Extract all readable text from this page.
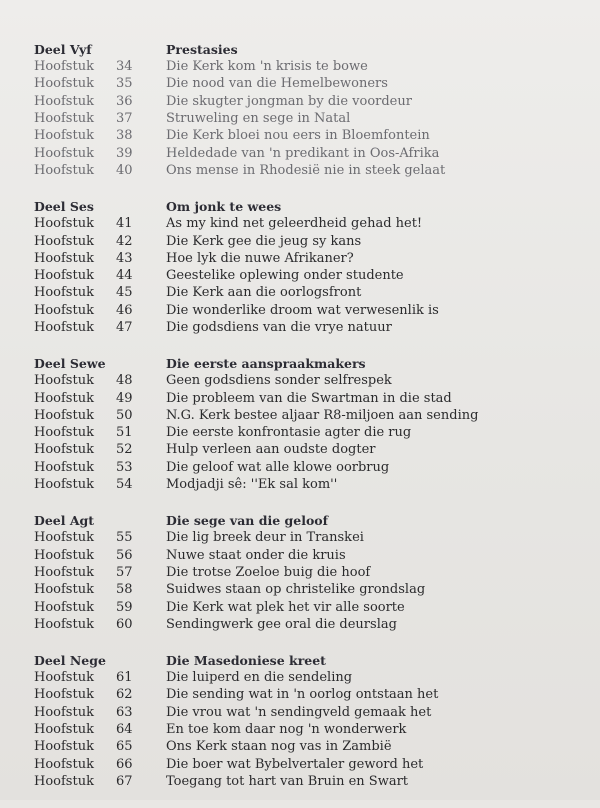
Deel Vyf	Prestasies
Hoofstuk	34	Die Kerk kom 'n krisis te bowe
Hoofstuk	35	Die nood van die Hemelbewoners
Hoofstuk	36	Die skugter jongman by die voordeur
Hoofstuk	37	Struweling en sege in Natal
Hoofstuk	38	Die Kerk bloei nou eers in Bloemfontein
Hoofstuk	39	Heldedade van 'n predikant in Oos-Afrika
Hoofstuk	40	Ons mense in Rhodesië nie in steek gelaat
Deel Ses	Om jonk te wees
Hoofstuk	41	As my kind net geleerdheid gehad het!
Hoofstuk	42	Die Kerk gee die jeug sy kans
Hoofstuk	43	Hoe lyk die nuwe Afrikaner?
Hoofstuk	44	Geestelike oplewing onder studente
Hoofstuk	45	Die Kerk aan die oorlogsfront
Hoofstuk	46	Die wonderlike droom wat verwesenlik is
Hoofstuk	47	Die godsdiens van die vrye natuur
Deel Sewe	Die eerste aanspraakmakers
Hoofstuk	48	Geen godsdiens sonder selfrespek
Hoofstuk	49	Die probleem van die Swartman in die stad
Hoofstuk	50	N.G. Kerk bestee aljaar R8-miljoen aan sending
Hoofstuk	51	Die eerste konfrontasie agter die rug
Hoofstuk	52	Hulp verleen aan oudste dogter
Hoofstuk	53	Die geloof wat alle klowe oorbrug
Hoofstuk	54	Modjadji sê: ''Ek sal kom''
Deel Agt	Die sege van die geloof
Hoofstuk	55	Die lig breek deur in Transkei
Hoofstuk	56	Nuwe staat onder die kruis
Hoofstuk	57	Die trotse Zoeloe buig die hoof
Hoofstuk	58	Suidwes staan op christelike grondslag
Hoofstuk	59	Die Kerk wat plek het vir alle soorte
Hoofstuk	60	Sendingwerk gee oral die deurslag
Deel Nege	Die Masedoniese kreet
Hoofstuk	61	Die luiperd en die sendeling
Hoofstuk	62	Die sending wat in 'n oorlog ontstaan het
Hoofstuk	63	Die vrou wat 'n sendingveld gemaak het
Hoofstuk	64	En toe kom daar nog 'n wonderwerk
Hoofstuk	65	Ons Kerk staan nog vas in Zambië
Hoofstuk	66	Die boer wat Bybelvertaler geword het
Hoofstuk	67	Toegang tot hart van Bruin en Swart
